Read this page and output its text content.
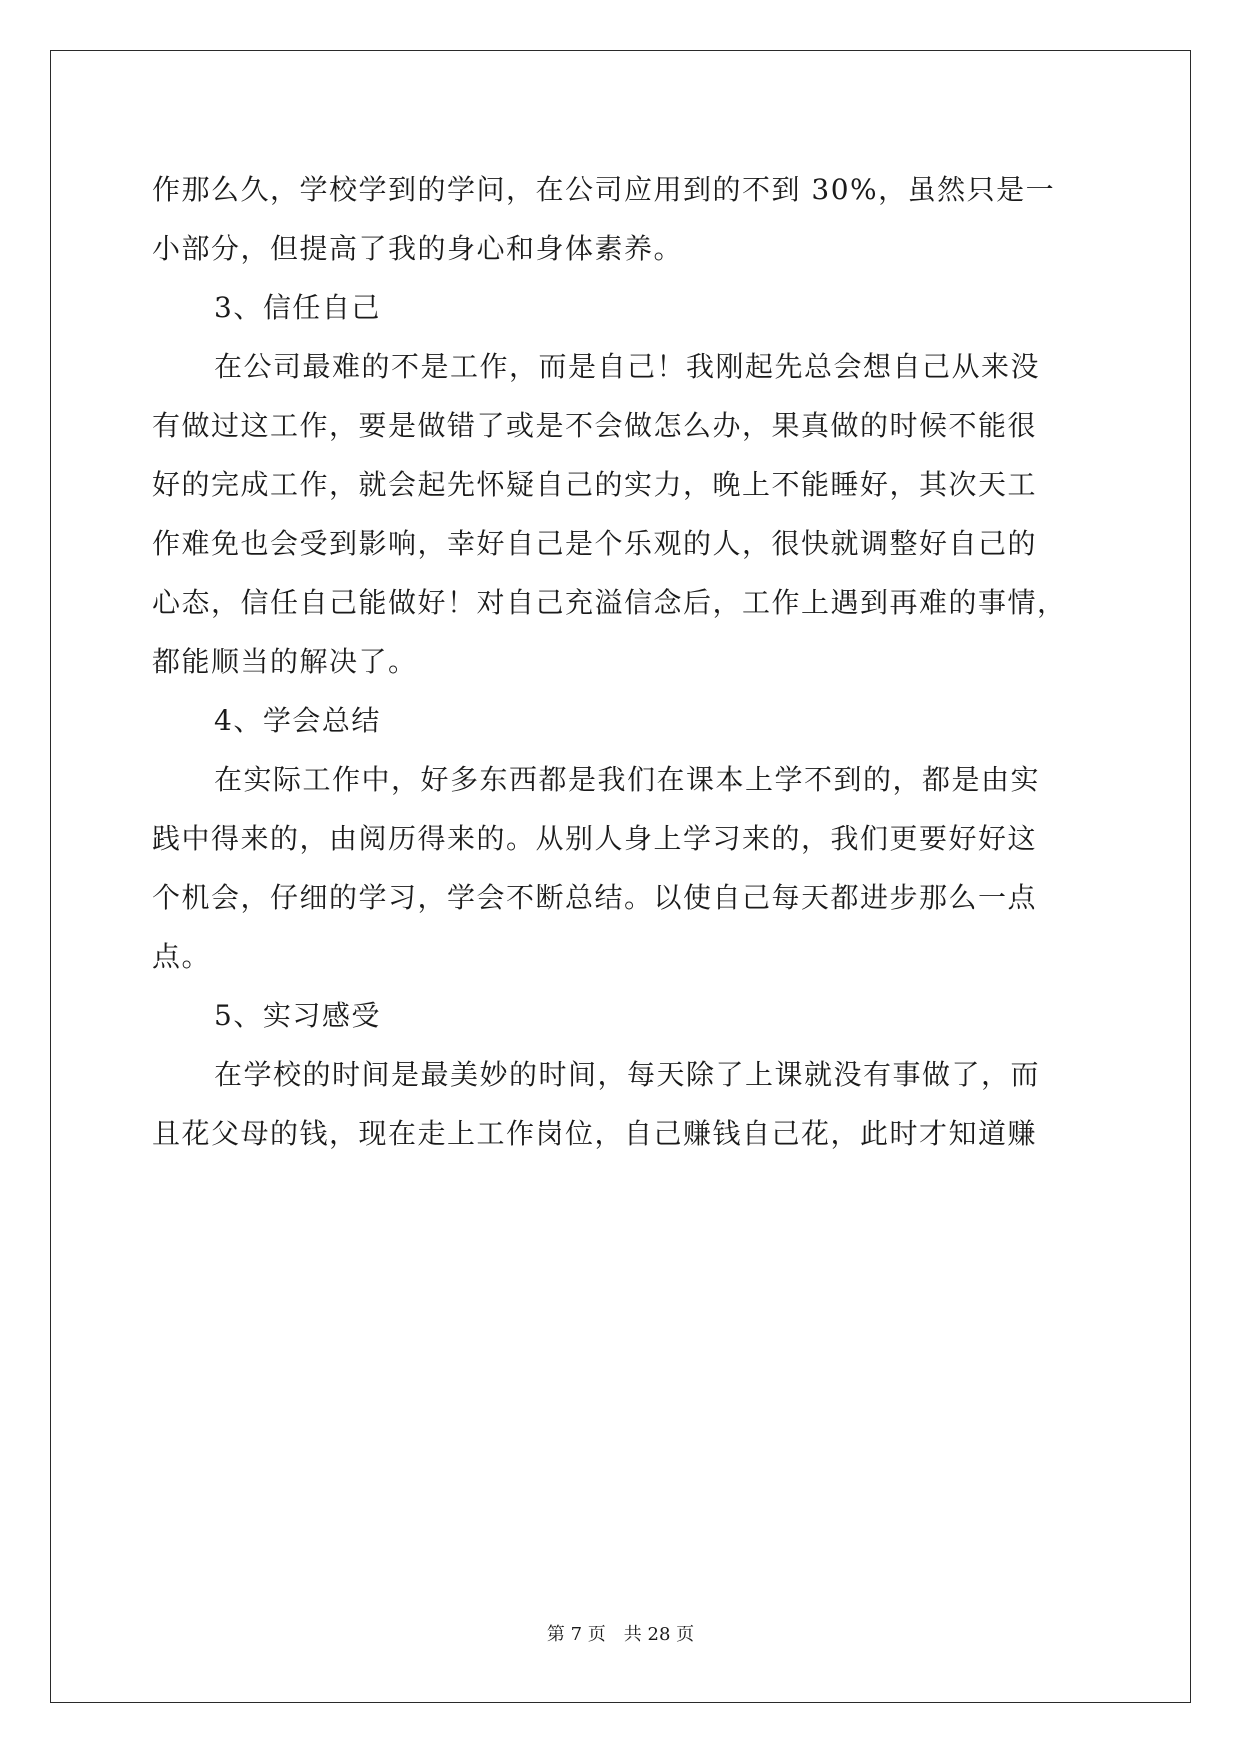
作那么久，学校学到的学问，在公司应用到的不到 30%，虽然只是一
小部分，但提高了我的身心和身体素养。
3、信任自己
在公司最难的不是工作，而是自己！我刚起先总会想自己从来没
有做过这工作，要是做错了或是不会做怎么办，果真做的时候不能很
好的完成工作，就会起先怀疑自己的实力，晚上不能睡好，其次天工
作难免也会受到影响，幸好自己是个乐观的人，很快就调整好自己的
心态，信任自己能做好！对自己充溢信念后，工作上遇到再难的事情，
都能顺当的解决了。
4、学会总结
在实际工作中，好多东西都是我们在课本上学不到的，都是由实
践中得来的，由阅历得来的。从别人身上学习来的，我们更要好好这
个机会，仔细的学习，学会不断总结。以使自己每天都进步那么一点
点。
5、实习感受
在学校的时间是最美妙的时间，每天除了上课就没有事做了，而
且花父母的钱，现在走上工作岗位，自己赚钱自己花，此时才知道赚
第 7 页 共 28 页
